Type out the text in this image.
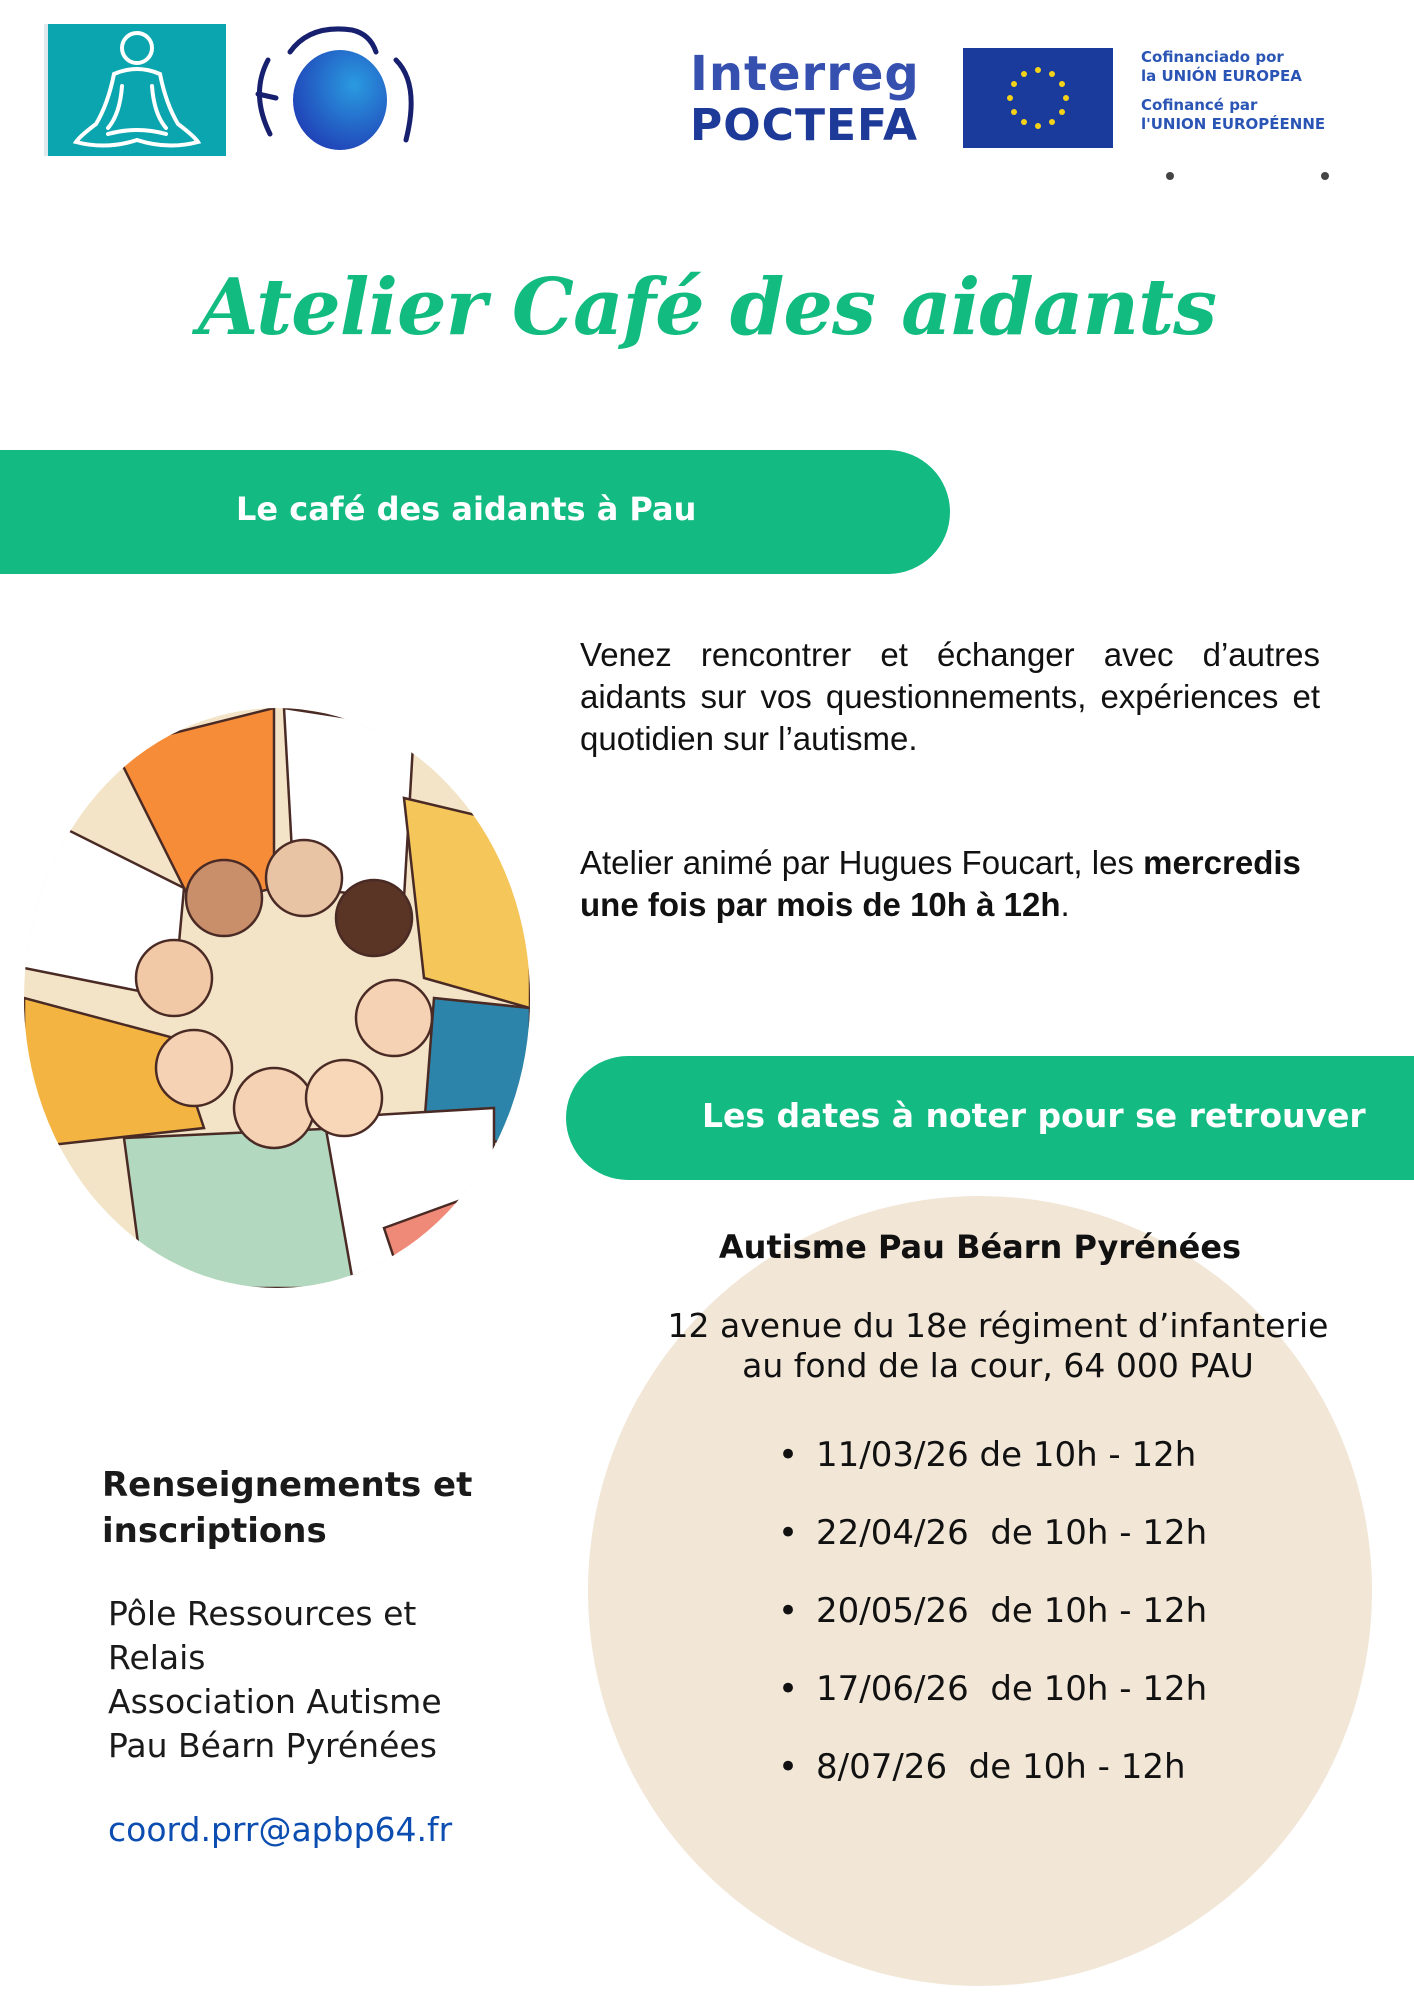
Interreg
POCTEFA
Cofinanciado por
la UNIÓN EUROPEA
Cofinancé par
l'UNION EUROPÉENNE
Atelier Café des aidants
Le café des aidants à Pau
Venez rencontrer et échanger avec d’autres aidants sur vos questionnements, expériences et quotidien sur l’autisme.
Atelier animé par Hugues Foucart, les mercredis une fois par mois de 10h à 12h.
Les dates à noter pour se retrouver
Autisme Pau Béarn Pyrénées
12 avenue du 18e régiment d’infanterie
au fond de la cour, 64 000 PAU
• 11/03/26 de 10h - 12h
• 22/04/26  de 10h - 12h
• 20/05/26  de 10h - 12h
• 17/06/26  de 10h - 12h
• 8/07/26  de 10h - 12h
Renseignements et
inscriptions
Pôle Ressources et
Relais
Association Autisme
Pau Béarn Pyrénées
coord.prr@apbp64.fr
